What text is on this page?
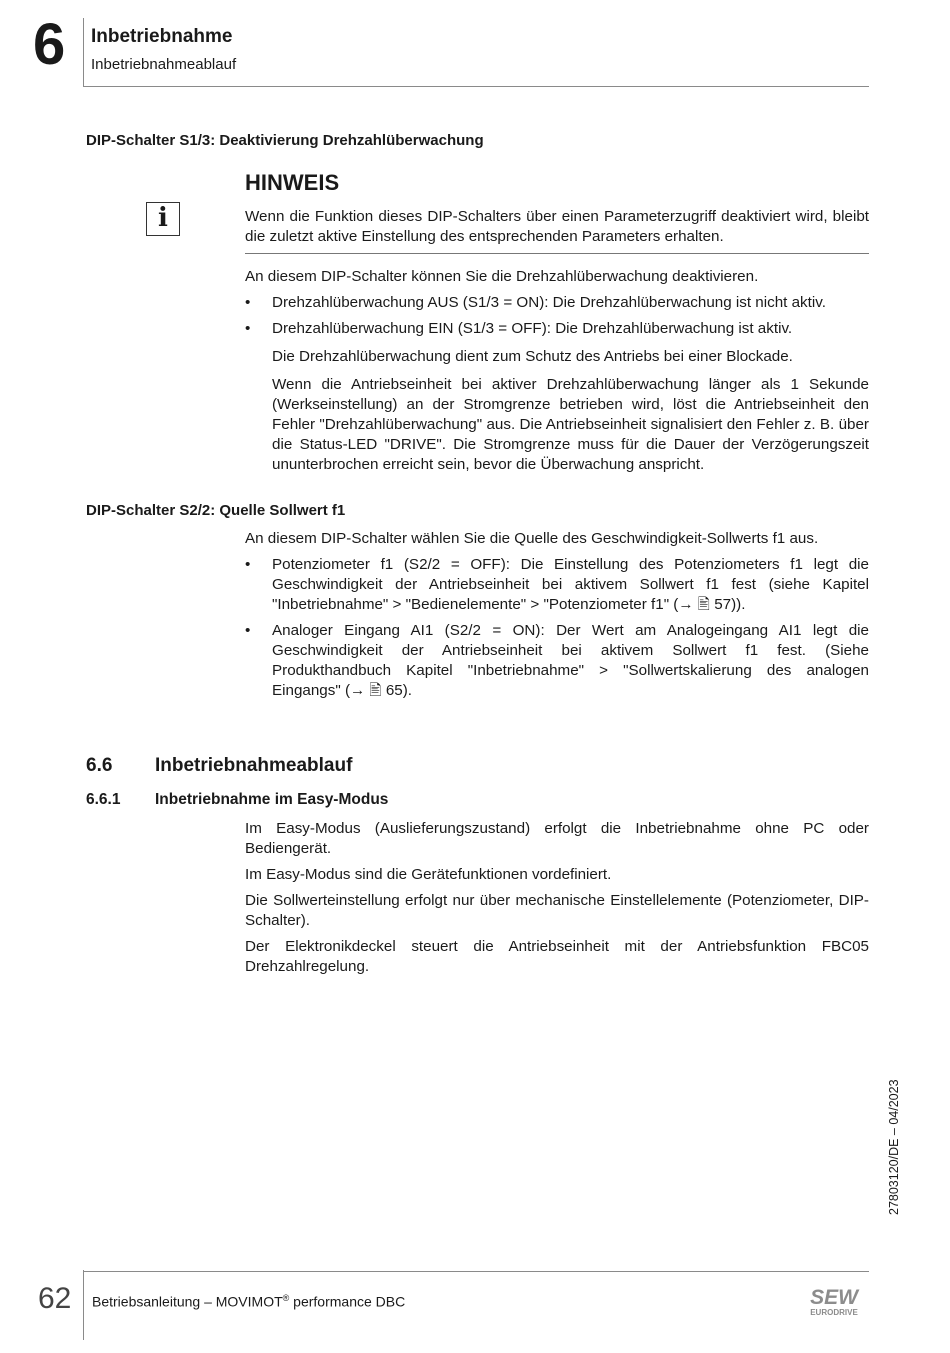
6 Inbetriebnahme
Inbetriebnahmeablauf
DIP-Schalter S1/3: Deaktivierung Drehzahlüberwachung
HINWEIS
i	Wenn die Funktion dieses DIP-Schalters über einen Parameterzugriff deaktiviert wird, bleibt die zuletzt aktive Einstellung des entsprechenden Parameters erhalten.

An diesem DIP-Schalter können Sie die Drehzahlüberwachung deaktivieren.

• Drehzahlüberwachung AUS (S1/3 = ON): Die Drehzahlüberwachung ist nicht aktiv.

• Drehzahlüberwachung EIN (S1/3 = OFF): Die Drehzahlüberwachung ist aktiv.

Die Drehzahlüberwachung dient zum Schutz des Antriebs bei einer Blockade.

Wenn die Antriebseinheit bei aktiver Drehzahlüberwachung länger als 1 Sekunde (Werkseinstellung) an der Stromgrenze betrieben wird, löst die Antriebseinheit den Fehler "Drehzahlüberwachung" aus. Die Antriebseinheit signalisiert den Fehler z. B. über die Status-LED "DRIVE". Die Stromgrenze muss für die Dauer der Verzögerungszeit ununterbrochen erreicht sein, bevor die Überwachung anspricht.

DIP-Schalter S2/2: Quelle Sollwert f1

An diesem DIP-Schalter wählen Sie die Quelle des Geschwindigkeit-Sollwerts f1 aus.

• Potenziometer f1 (S2/2 = OFF): Die Einstellung des Potenziometers f1 legt die Geschwindigkeit der Antriebseinheit bei aktivem Sollwert f1 fest (siehe Kapitel "Inbetriebnahme" > "Bedienelemente" > "Potenziometer f1" (→ 🖹 57)).

• Analoger Eingang AI1 (S2/2 = ON): Der Wert am Analogeingang AI1 legt die Geschwindigkeit der Antriebseinheit bei aktivem Sollwert f1 fest. (Siehe Produkthandbuch Kapitel "Inbetriebnahme" > "Sollwertskalierung des analogen Eingangs" (→ 🖹 65).

6.6 Inbetriebnahmeablauf
6.6.1 Inbetriebnahme im Easy-Modus

Im Easy-Modus (Auslieferungszustand) erfolgt die Inbetriebnahme ohne PC oder Bediengerät.

Im Easy-Modus sind die Gerätefunktionen vordefiniert.

Die Sollwerteinstellung erfolgt nur über mechanische Einstellelemente (Potenziometer, DIP-Schalter).

Der Elektronikdeckel steuert die Antriebseinheit mit der Antriebsfunktion FBC05 Drehzahlregelung.

27803120/DE – 04/2023
62 Betriebsanleitung – MOVIMOT® performance DBC	SEW
EURODRIVE
